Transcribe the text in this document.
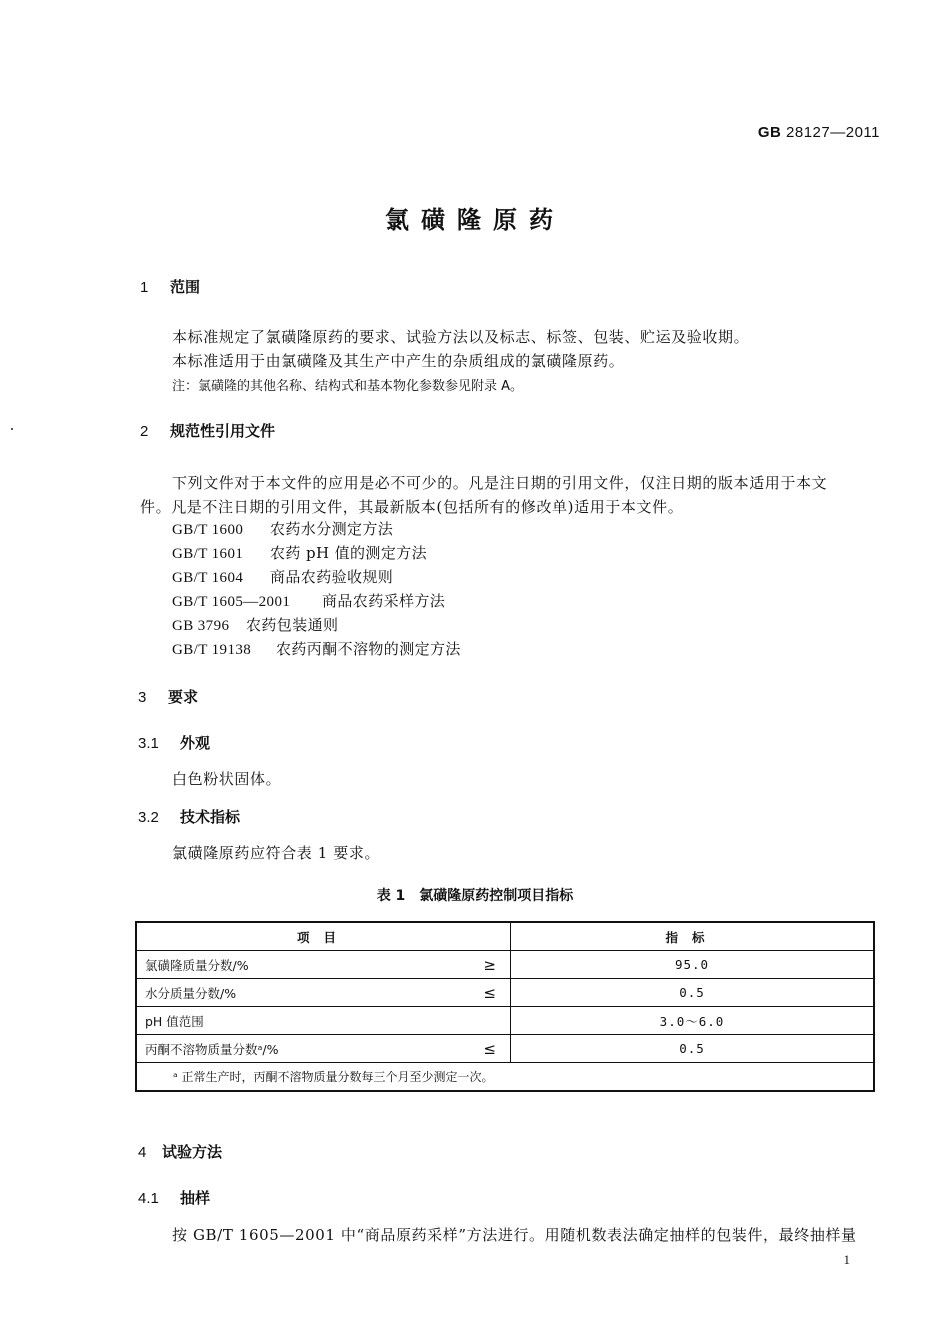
GB 28127—2011
氯磺隆原药
1 范围
本标准规定了氯磺隆原药的要求、试验方法以及标志、标签、包装、贮运及验收期。
本标准适用于由氯磺隆及其生产中产生的杂质组成的氯磺隆原药。
注：氯磺隆的其他名称、结构式和基本物化参数参见附录 A。
2 规范性引用文件
下列文件对于本文件的应用是必不可少的。凡是注日期的引用文件，仅注日期的版本适用于本文
件。凡是不注日期的引用文件，其最新版本(包括所有的修改单)适用于本文件。
GB/T 1600 农药水分测定方法
GB/T 1601 农药 pH 值的测定方法
GB/T 1604 商品农药验收规则
GB/T 1605—2001 商品农药采样方法
GB 3796 农药包装通则
GB/T 19138 农药丙酮不溶物的测定方法
3 要求
3.1 外观
白色粉状固体。
3.2 技术指标
氯磺隆原药应符合表 1 要求。
表 1　氯磺隆原药控制项目指标
项目	指标

氯磺隆质量分数/% ≥	95.0

水分质量分数/% ≤	0.5

pH 值范围	3.0～6.0

丙酮不溶物质量分数ᵃ/% ≤	0.5
ᵃ 正常生产时，丙酮不溶物质量分数每三个月至少测定一次。	
4 试验方法
4.1 抽样
按 GB/T 1605—2001 中“商品原药采样”方法进行。用随机数表法确定抽样的包装件，最终抽样量
1
